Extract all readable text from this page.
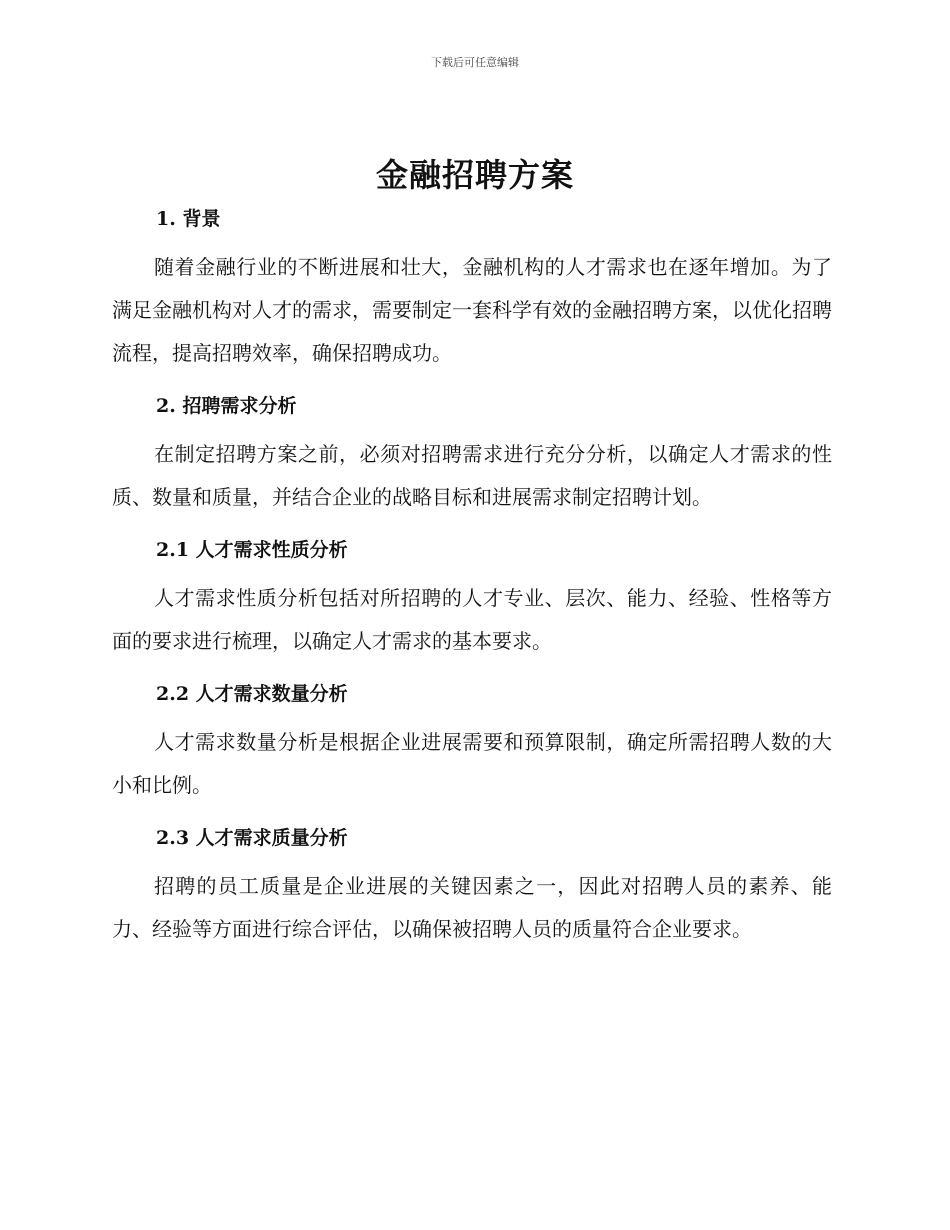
下载后可任意编辑
金融招聘方案

1. 背景

随着金融行业的不断进展和壮大，金融机构的人才需求也在逐年增加。为了满足金融机构对人才的需求，需要制定一套科学有效的金融招聘方案，以优化招聘流程，提高招聘效率，确保招聘成功。

2. 招聘需求分析

在制定招聘方案之前，必须对招聘需求进行充分分析，以确定人才需求的性质、数量和质量，并结合企业的战略目标和进展需求制定招聘计划。

2.1 人才需求性质分析

人才需求性质分析包括对所招聘的人才专业、层次、能力、经验、性格等方面的要求进行梳理，以确定人才需求的基本要求。

2.2 人才需求数量分析

人才需求数量分析是根据企业进展需要和预算限制，确定所需招聘人数的大小和比例。

2.3 人才需求质量分析

招聘的员工质量是企业进展的关键因素之一，因此对招聘人员的素养、能力、经验等方面进行综合评估，以确保被招聘人员的质量符合企业要求。
